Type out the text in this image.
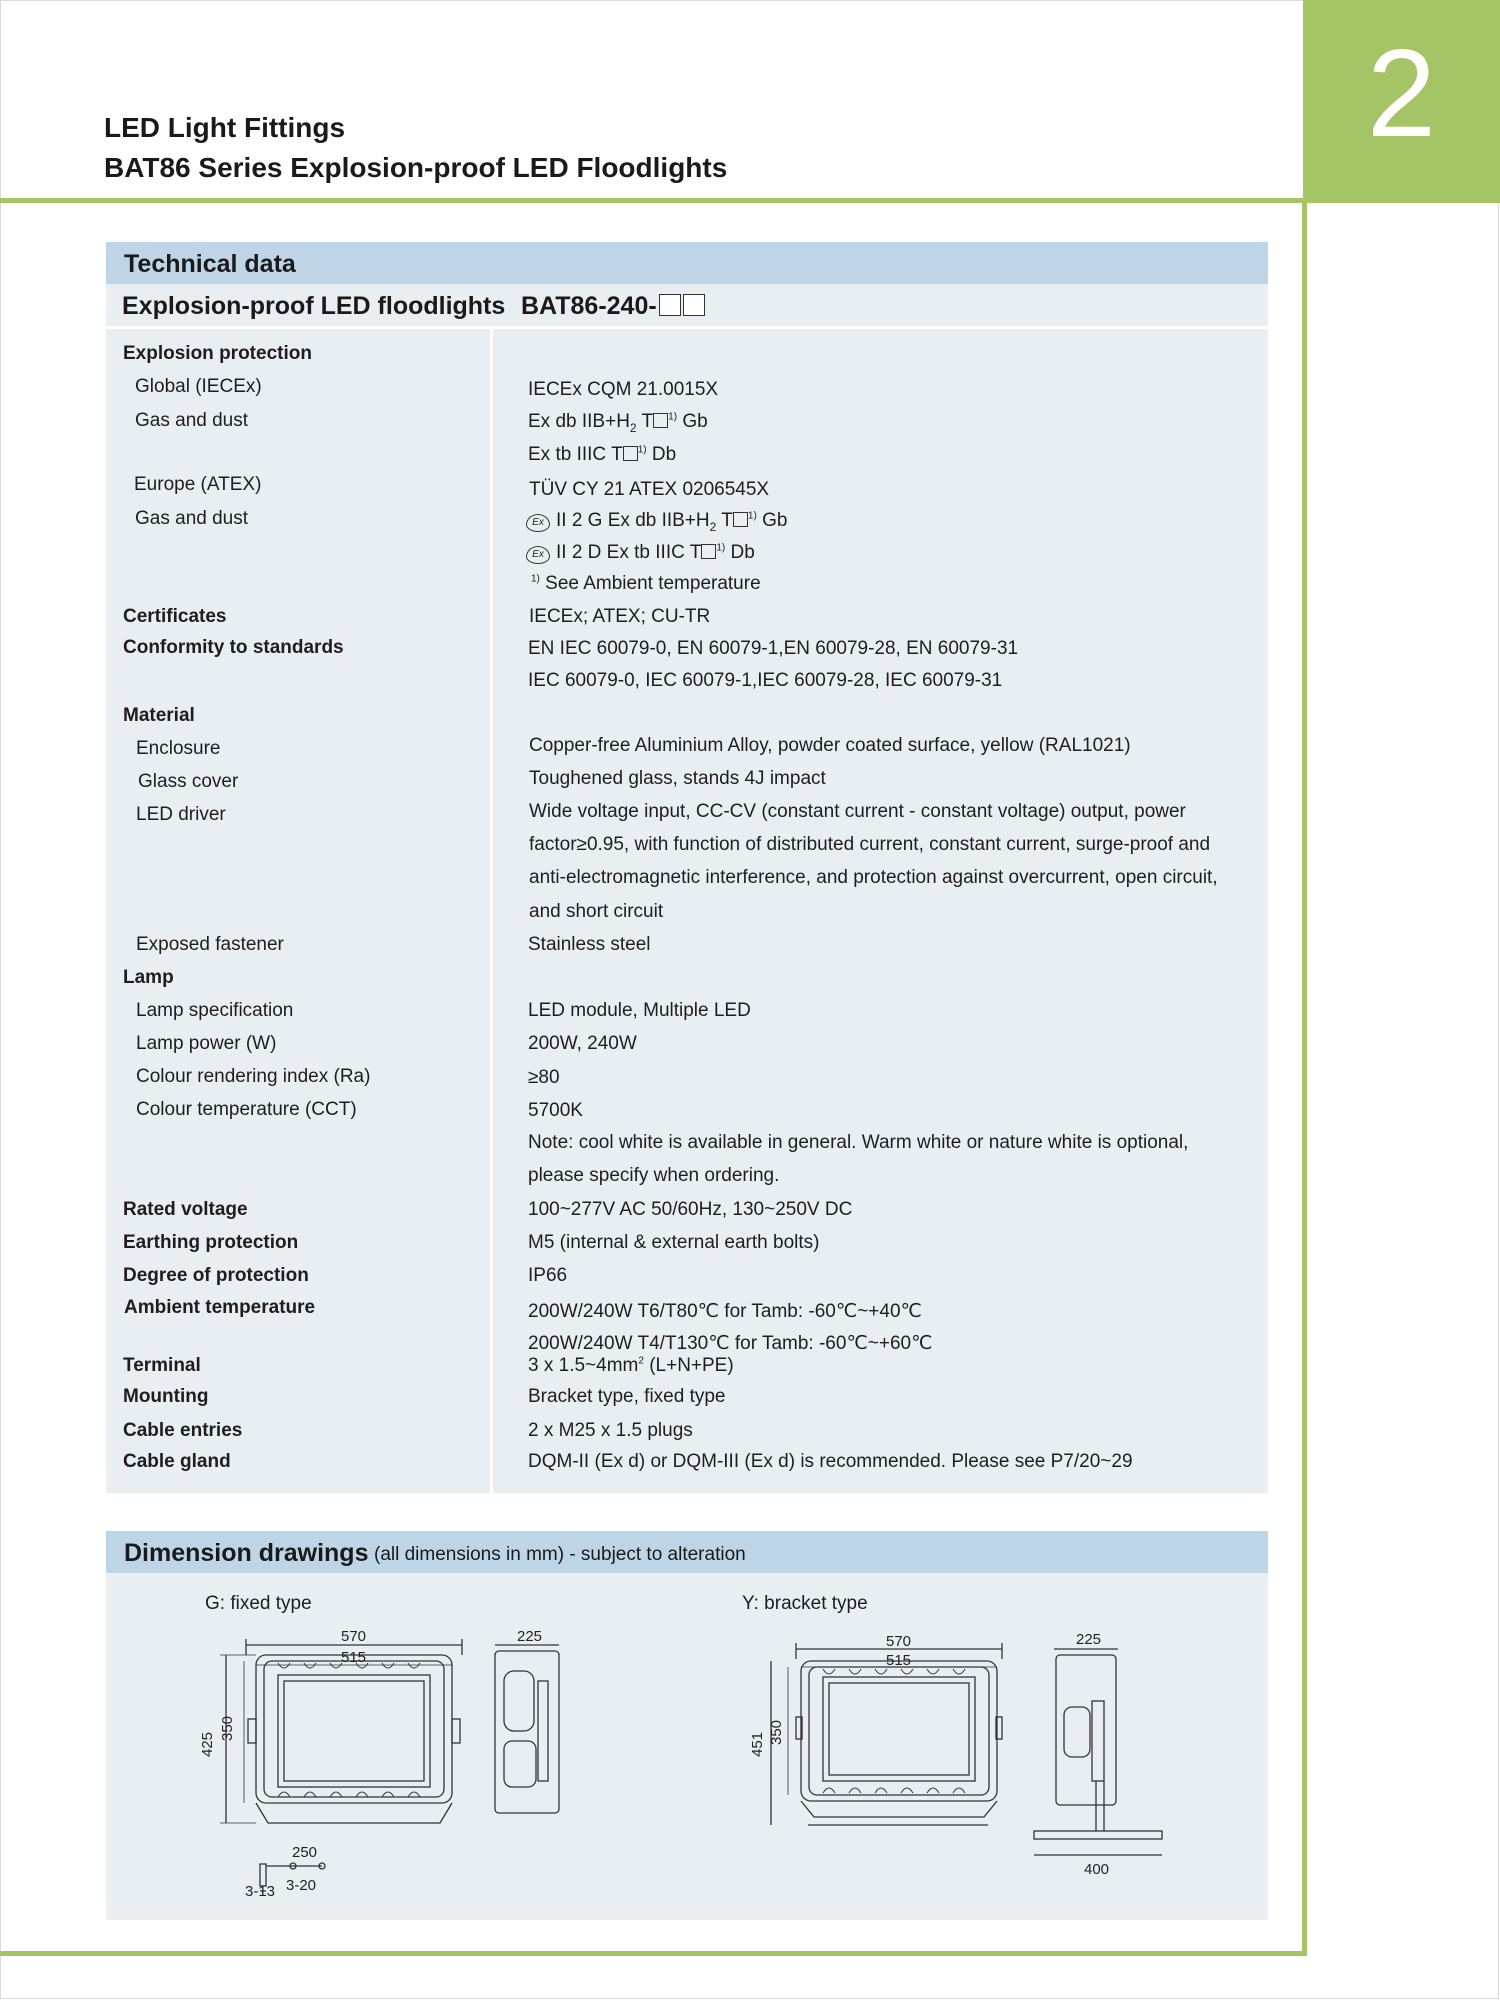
2
LED Light Fittings
BAT86 Series Explosion-proof LED Floodlights
Technical data
Explosion-proof LED floodlights BAT86-240-
Explosion protection
Global (IECEx)
Gas and dust
Europe (ATEX)
Gas and dust
Certificates
Conformity to standards
Material
Enclosure
Glass cover
LED driver
Exposed fastener
Lamp
Lamp specification
Lamp power (W)
Colour rendering index (Ra)
Colour temperature (CCT)
Rated voltage
Earthing protection
Degree of protection
Ambient temperature
Terminal
Mounting
Cable entries
Cable gland
IECEx CQM 21.0015X
Ex db $IIB+H_2$ T $^{1)}$ Gb
Ex tb IIIC T $^{1)}$ Db
TÜV CY 21 ATEX 0206545X
Ex II 2 G Ex db $IIB+H_2$ T $^{1)}$ Gb
Ex II 2 D Ex tb IIIC T $^{1)}$ Db
$^{1)}$ See Ambient temperature
IECEx; ATEX; CU-TR
EN IEC 60079-0, EN 60079-1,EN 60079-28, EN 60079-31
IEC 60079-0, IEC 60079-1,IEC 60079-28, IEC 60079-31
Copper-free Aluminium Alloy, powder coated surface, yellow (RAL1021)
Toughened glass, stands 4J impact
Wide voltage input, CC-CV (constant current - constant voltage) output, power
factor≥0.95, with function of distributed current, constant current, surge-proof and
anti-electromagnetic interference, and protection against overcurrent, open circuit,
and short circuit
Stainless steel
LED module, Multiple LED
200W, 240W
≥80
5700K
Note: cool white is available in general. Warm white or nature white is optional,
please specify when ordering.
100~277V AC 50/60Hz, 130~250V DC
M5 (internal & external earth bolts)
IP66
200W/240W T6/T80℃ for Tamb: -60℃~+40℃
200W/240W T4/T130℃ for Tamb: -60℃~+60℃
3 x $1.5\sim 4mm^2$ (L+N+PE)
Bracket type, fixed type
2 x M25 x 1.5 plugs
DQM-II (Ex d) or DQM-III (Ex d) is recommended. Please see P7/20~29
Dimension drawings (all dimensions in mm) - subject to alteration
G: fixed type	Y: bracket type
570
515
225
425
350
250
3-13 3-20
570
515
225
451 350
400
